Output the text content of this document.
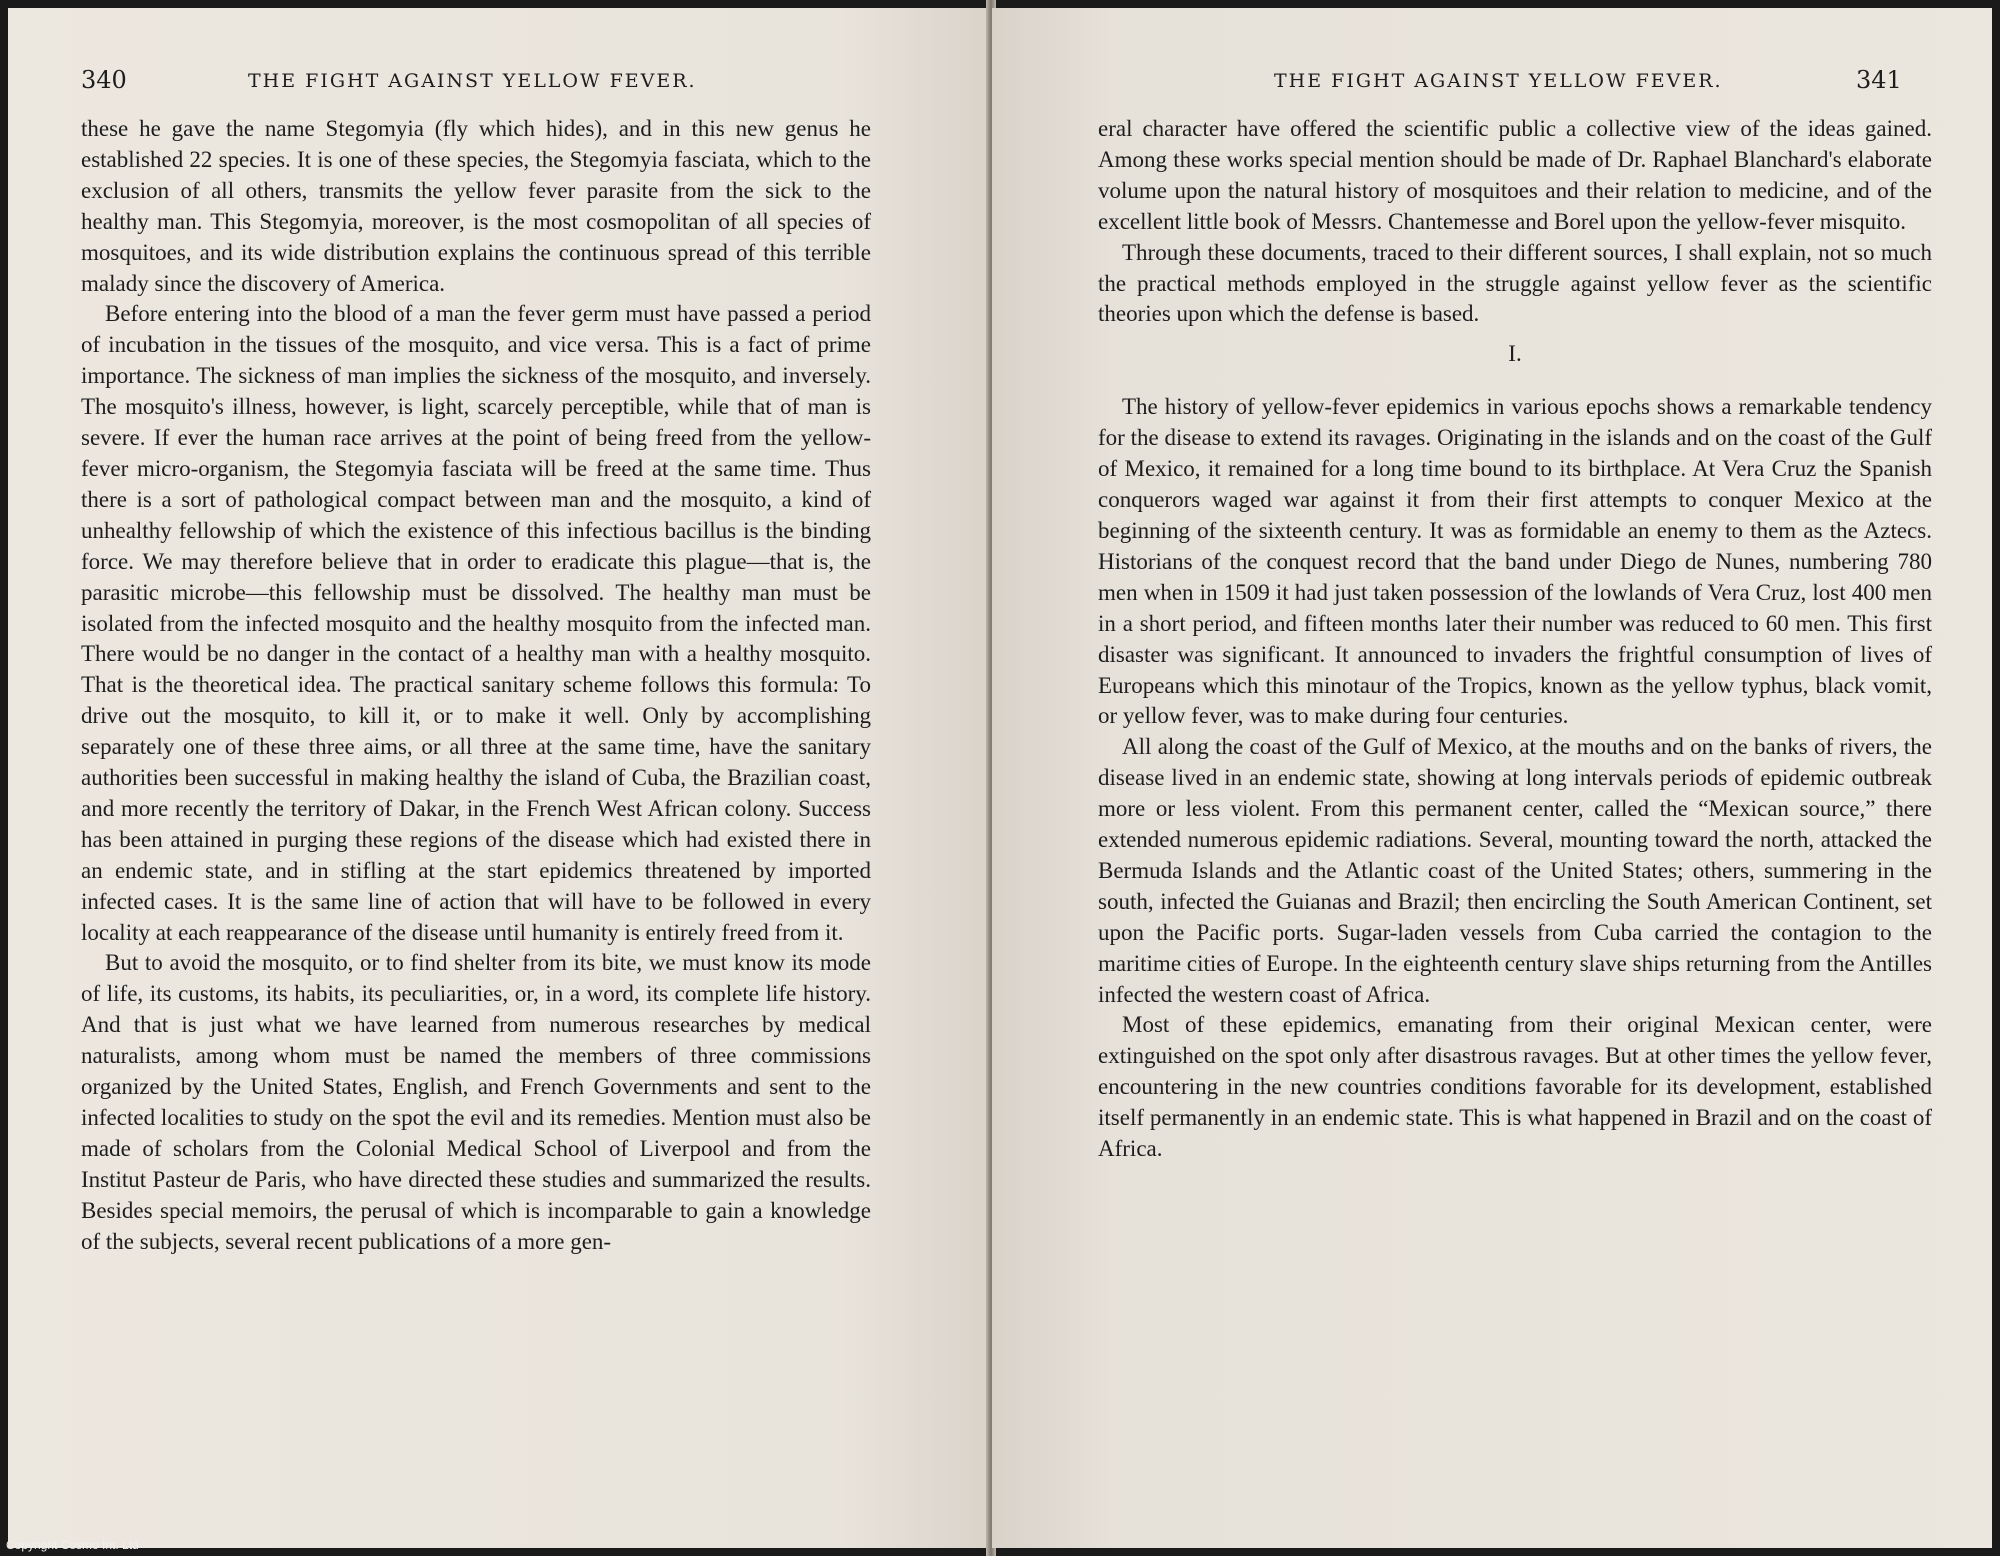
340	THE FIGHT AGAINST YELLOW FEVER.

these he gave the name Stegomyia (fly which hides), and in this new genus he established 22 species. It is one of these species, the Stegomyia fasciata, which to the exclusion of all others, transmits the yellow fever parasite from the sick to the healthy man. This Stegomyia, moreover, is the most cosmopolitan of all species of mosquitoes, and its wide distribution explains the continuous spread of this terrible malady since the discovery of America.

Before entering into the blood of a man the fever germ must have passed a period of incubation in the tissues of the mosquito, and vice versa. This is a fact of prime importance. The sickness of man implies the sickness of the mosquito, and inversely. The mosquito's illness, however, is light, scarcely perceptible, while that of man is severe. If ever the human race arrives at the point of being freed from the yellow-fever micro-organism, the Stegomyia fasciata will be freed at the same time. Thus there is a sort of pathological compact between man and the mosquito, a kind of unhealthy fellowship of which the existence of this infectious bacillus is the binding force. We may therefore believe that in order to eradicate this plague—that is, the parasitic microbe—this fellowship must be dissolved. The healthy man must be isolated from the infected mosquito and the healthy mosquito from the infected man. There would be no danger in the contact of a healthy man with a healthy mosquito. That is the theoretical idea. The practical sanitary scheme follows this formula: To drive out the mosquito, to kill it, or to make it well. Only by accomplishing separately one of these three aims, or all three at the same time, have the sanitary authorities been successful in making healthy the island of Cuba, the Brazilian coast, and more recently the territory of Dakar, in the French West African colony. Success has been attained in purging these regions of the disease which had existed there in an endemic state, and in stifling at the start epidemics threatened by imported infected cases. It is the same line of action that will have to be followed in every locality at each reappearance of the disease until humanity is entirely freed from it.

But to avoid the mosquito, or to find shelter from its bite, we must know its mode of life, its customs, its habits, its peculiarities, or, in a word, its complete life history. And that is just what we have learned from numerous researches by medical naturalists, among whom must be named the members of three commissions organized by the United States, English, and French Governments and sent to the infected localities to study on the spot the evil and its remedies. Mention must also be made of scholars from the Colonial Medical School of Liverpool and from the Institut Pasteur de Paris, who have directed these studies and summarized the results. Besides special memoirs, the perusal of which is incomparable to gain a knowledge of the subjects, several recent publications of a more gen-

THE FIGHT AGAINST YELLOW FEVER.	341

eral character have offered the scientific public a collective view of the ideas gained. Among these works special mention should be made of Dr. Raphael Blanchard's elaborate volume upon the natural history of mosquitoes and their relation to medicine, and of the excellent little book of Messrs. Chantemesse and Borel upon the yellow-fever misquito.

Through these documents, traced to their different sources, I shall explain, not so much the practical methods employed in the struggle against yellow fever as the scientific theories upon which the defense is based.

I.

The history of yellow-fever epidemics in various epochs shows a remarkable tendency for the disease to extend its ravages. Originating in the islands and on the coast of the Gulf of Mexico, it remained for a long time bound to its birthplace. At Vera Cruz the Spanish conquerors waged war against it from their first attempts to conquer Mexico at the beginning of the sixteenth century. It was as formidable an enemy to them as the Aztecs. Historians of the conquest record that the band under Diego de Nunes, numbering 780 men when in 1509 it had just taken possession of the lowlands of Vera Cruz, lost 400 men in a short period, and fifteen months later their number was reduced to 60 men. This first disaster was significant. It announced to invaders the frightful consumption of lives of Europeans which this minotaur of the Tropics, known as the yellow typhus, black vomit, or yellow fever, was to make during four centuries.

All along the coast of the Gulf of Mexico, at the mouths and on the banks of rivers, the disease lived in an endemic state, showing at long intervals periods of epidemic outbreak more or less violent. From this permanent center, called the “Mexican source,” there extended numerous epidemic radiations. Several, mounting toward the north, attacked the Bermuda Islands and the Atlantic coast of the United States; others, summering in the south, infected the Guianas and Brazil; then encircling the South American Continent, set upon the Pacific ports. Sugar-laden vessels from Cuba carried the contagion to the maritime cities of Europe. In the eighteenth century slave ships returning from the Antilles infected the western coast of Africa.

Most of these epidemics, emanating from their original Mexican center, were extinguished on the spot only after disastrous ravages. But at other times the yellow fever, encountering in the new countries conditions favorable for its development, established itself permanently in an endemic state. This is what happened in Brazil and on the coast of Africa.

Copyright Cosmo Int. Ltd
